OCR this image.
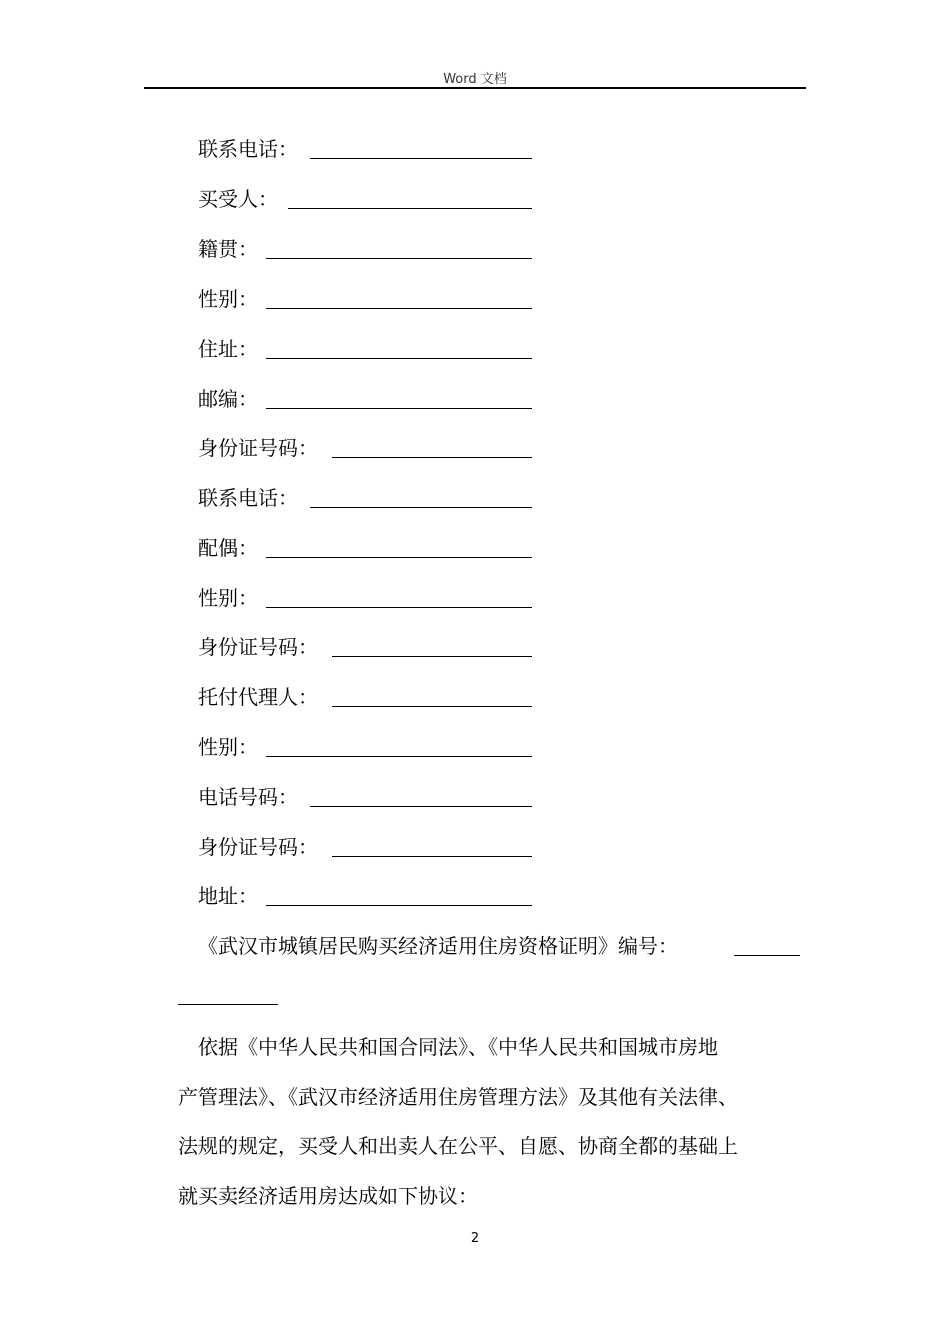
Word 文档
联系电话：
买受人：
籍贯：
性别：
住址：
邮编：
身份证号码：
联系电话：
配偶：
性别：
身份证号码：
托付代理人：
性别：
电话号码：
身份证号码：
地址：
《武汉市城镇居民购买经济适用住房资格证明》编号：
依据《中华人民共和国合同法》、《中华人民共和国城市房地
产管理法》、《武汉市经济适用住房管理方法》及其他有关法律、
法规的规定，买受人和出卖人在公平、自愿、协商全都的基础上
就买卖经济适用房达成如下协议：
2
